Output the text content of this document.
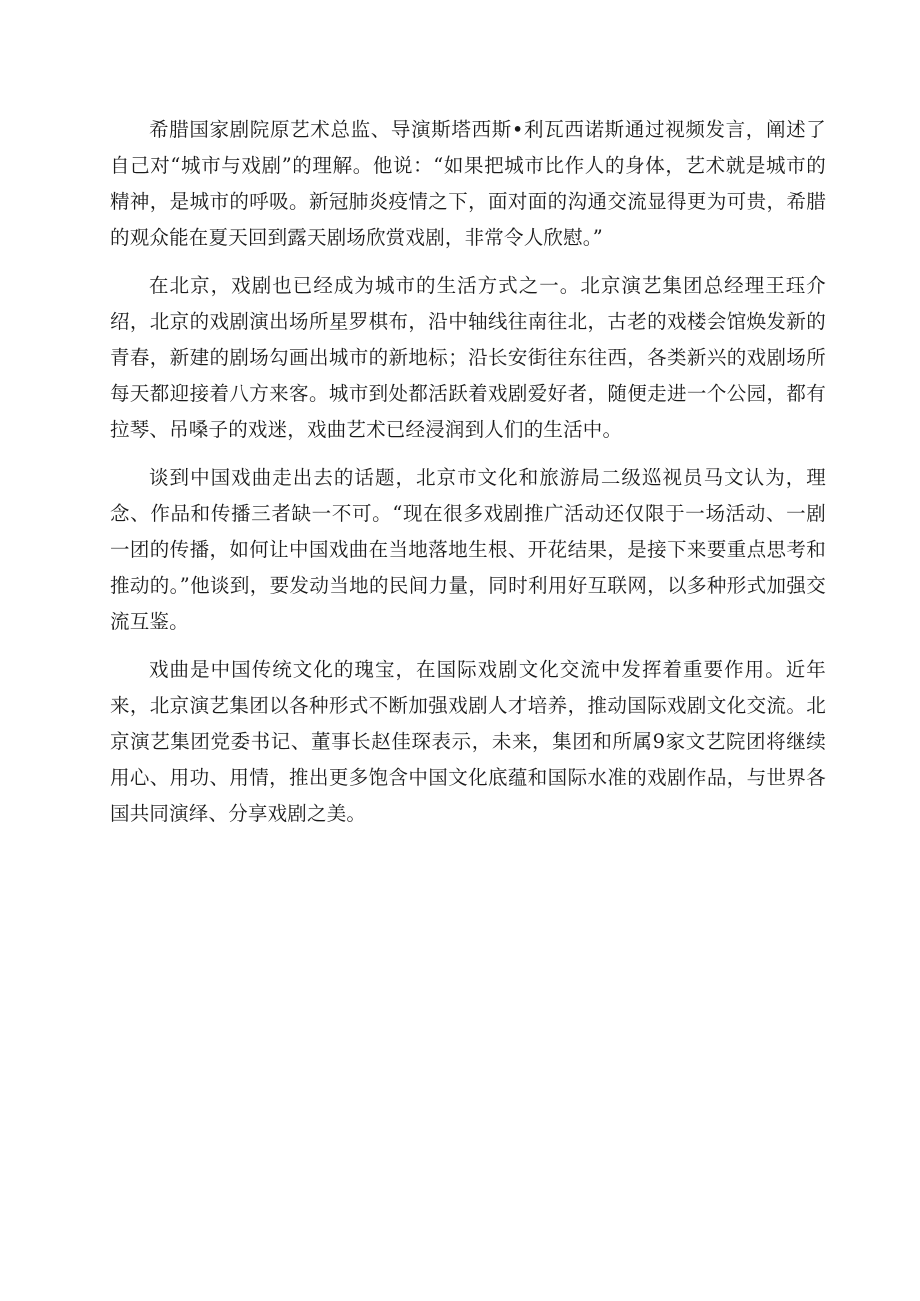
希腊国家剧院原艺术总监、导演斯塔西斯•利瓦西诺斯通过视频发言，阐述了自己对“城市与戏剧”的理解。他说：“如果把城市比作人的身体，艺术就是城市的精神，是城市的呼吸。新冠肺炎疫情之下，面对面的沟通交流显得更为可贵，希腊的观众能在夏天回到露天剧场欣赏戏剧，非常令人欣慰。”

在北京，戏剧也已经成为城市的生活方式之一。北京演艺集团总经理王珏介绍，北京的戏剧演出场所星罗棋布，沿中轴线往南往北，古老的戏楼会馆焕发新的青春，新建的剧场勾画出城市的新地标；沿长安街往东往西，各类新兴的戏剧场所每天都迎接着八方来客。城市到处都活跃着戏剧爱好者，随便走进一个公园，都有拉琴、吊嗓子的戏迷，戏曲艺术已经浸润到人们的生活中。

谈到中国戏曲走出去的话题，北京市文化和旅游局二级巡视员马文认为，理念、作品和传播三者缺一不可。“现在很多戏剧推广活动还仅限于一场活动、一剧一团的传播，如何让中国戏曲在当地落地生根、开花结果，是接下来要重点思考和推动的。”他谈到，要发动当地的民间力量，同时利用好互联网，以多种形式加强交流互鉴。

戏曲是中国传统文化的瑰宝，在国际戏剧文化交流中发挥着重要作用。近年来，北京演艺集团以各种形式不断加强戏剧人才培养，推动国际戏剧文化交流。北京演艺集团党委书记、董事长赵佳琛表示，未来，集团和所属9家文艺院团将继续用心、用功、用情，推出更多饱含中国文化底蕴和国际水准的戏剧作品，与世界各国共同演绎、分享戏剧之美。
